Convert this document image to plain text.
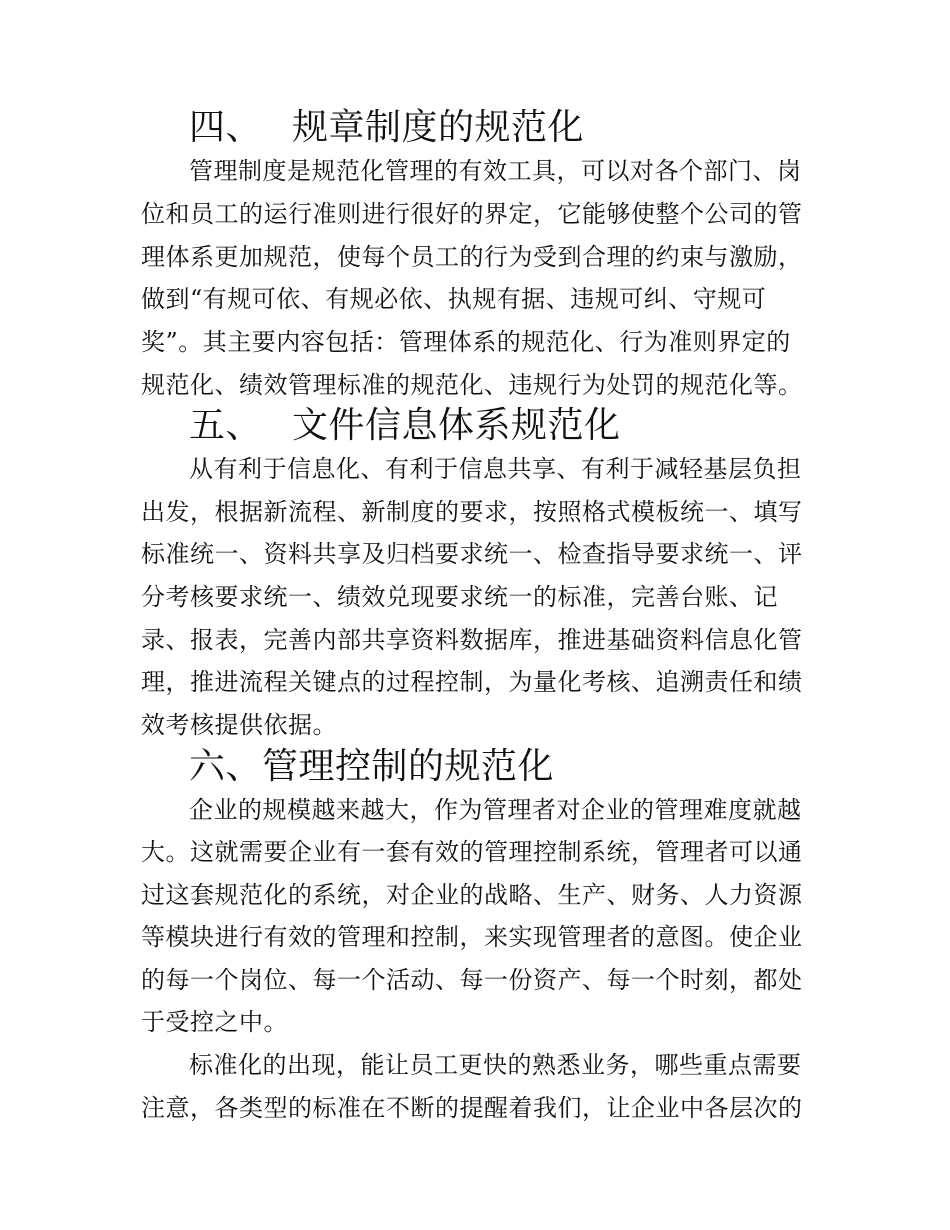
四、 规章制度的规范化

管理制度是规范化管理的有效工具，可以对各个部门、岗

位和员工的运行准则进行很好的界定，它能够使整个公司的管

理体系更加规范，使每个员工的行为受到合理的约束与激励，

做到“有规可依、有规必依、执规有据、违规可纠、守规可

奖”。其主要内容包括：管理体系的规范化、行为准则界定的

规范化、绩效管理标准的规范化、违规行为处罚的规范化等。

五、 文件信息体系规范化

从有利于信息化、有利于信息共享、有利于减轻基层负担

出发，根据新流程、新制度的要求，按照格式模板统一、填写

标准统一、资料共享及归档要求统一、检查指导要求统一、评

分考核要求统一、绩效兑现要求统一的标准，完善台账、记

录、报表，完善内部共享资料数据库，推进基础资料信息化管

理，推进流程关键点的过程控制，为量化考核、追溯责任和绩

效考核提供依据。

六、管理控制的规范化

企业的规模越来越大，作为管理者对企业的管理难度就越

大。这就需要企业有一套有效的管理控制系统，管理者可以通

过这套规范化的系统，对企业的战略、生产、财务、人力资源

等模块进行有效的管理和控制，来实现管理者的意图。使企业

的每一个岗位、每一个活动、每一份资产、每一个时刻，都处

于受控之中。

标准化的出现，能让员工更快的熟悉业务，哪些重点需要

注意，各类型的标准在不断的提醒着我们，让企业中各层次的
